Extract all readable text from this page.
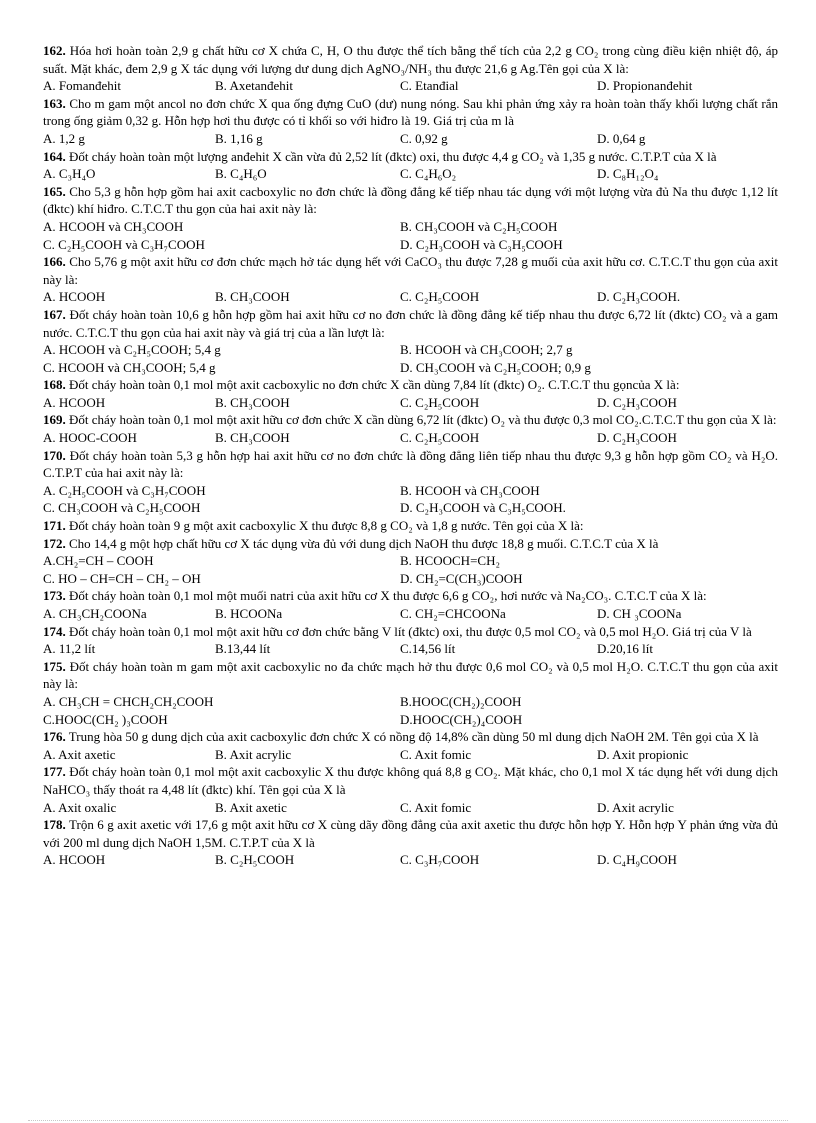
162. Hóa hơi hoàn toàn 2,9 g chất hữu cơ X chứa C, H, O thu được thể tích bằng thể tích của 2,2 g CO₂ trong cùng điều kiện nhiệt độ, áp suất. Mặt khác, đem 2,9 g X tác dụng với lượng dư dung dịch AgNO₃/NH₃ thu được 21,6 g Ag.Tên gọi của X là:
A. Fomanđehit	B. Axetanđehit	C. Etanđial	D. Propionanđehit
163. Cho m gam một ancol no đơn chức X qua ống đựng CuO (dư) nung nóng. Sau khi phản ứng xảy ra hoàn toàn thấy khối lượng chất rắn trong ống giảm 0,32 g. Hỗn hợp hơi thu được có tỉ khối so với hiđro là 19. Giá trị của m là
A. 1,2 g	B. 1,16 g	C. 0,92 g	D. 0,64 g
164. Đốt cháy hoàn toàn một lượng anđehit X cần vừa đủ 2,52 lít (đktc) oxi, thu được 4,4 g CO₂ và 1,35 g nước. C.T.P.T của X là
A. C₃H₄O	B. C₄H₆O	C. C₄H₆O₂	D. C₈H₁₂O₄
165. Cho 5,3 g hỗn hợp gồm hai axit cacboxylic no đơn chức là đồng đẳng kế tiếp nhau tác dụng với một lượng vừa đủ Na thu được 1,12 lít (đktc) khí hiđro. C.T.C.T thu gọn của hai axit này là:
A. HCOOH và CH₃COOH	B. CH₃COOH và C₂H₅COOH
C. C₂H₅COOH và C₃H₇COOH	D. C₂H₃COOH và C₃H₅COOH
166. Cho 5,76 g một axit hữu cơ đơn chức mạch hở tác dụng hết với CaCO₃ thu được 7,28 g muối của axit hữu cơ. C.T.C.T thu gọn của axit này là:
A. HCOOH	B. CH₃COOH	C. C₂H₅COOH	D. C₂H₃COOH.
167. Đốt cháy hoàn toàn 10,6 g hỗn hợp gồm hai axit hữu cơ no đơn chức là đồng đẳng kế tiếp nhau thu được 6,72 lít (đktc) CO₂ và a gam nước. C.T.C.T thu gọn của hai axit này và giá trị của a lần lượt là:
A. HCOOH và C₂H₅COOH; 5,4 g	B. HCOOH và CH₃COOH; 2,7 g
C. HCOOH và CH₃COOH; 5,4 g	D. CH₃COOH và C₂H₅COOH; 0,9 g
168. Đốt cháy hoàn toàn 0,1 mol một axit cacboxylic no đơn chức X cần dùng 7,84 lít (đktc) O₂. C.T.C.T thu gọncủa X là:
A. HCOOH	B. CH₃COOH	C. C₂H₅COOH	D. C₂H₃COOH
169. Đốt cháy hoàn toàn 0,1 mol một axit hữu cơ đơn chức X cần dùng 6,72 lít (đktc) O₂ và thu được 0,3 mol CO₂.C.T.C.T thu gọn của X là:
A. HOOC-COOH	B. CH₃COOH	C. C₂H₅COOH	D. C₂H₃COOH
170. Đốt cháy hoàn toàn 5,3 g hỗn hợp hai axit hữu cơ no đơn chức là đồng đẳng liên tiếp nhau thu được 9,3 g hỗn hợp gồm CO₂ và H₂O. C.T.P.T của hai axit này là:
A. C₂H₅COOH và C₃H₇COOH	B. HCOOH và CH₃COOH
C. CH₃COOH và C₂H₅COOH	D. C₂H₃COOH và C₃H₅COOH.
171. Đốt cháy hoàn toàn 9 g một axit cacboxylic X thu được 8,8 g CO₂ và 1,8 g nước. Tên gọi của X là:
172. Cho 14,4 g một hợp chất hữu cơ X tác dụng vừa đủ với dung dịch NaOH thu được 18,8 g muối. C.T.C.T của X là
A.CH₂=CH – COOH	B. HCOOCH=CH₂
C. HO – CH=CH – CH₂ – OH	D. CH₂=C(CH₃)COOH
173. Đốt cháy hoàn toàn 0,1 mol một muối natri của axit hữu cơ X thu được 6,6 g CO₂, hơi nước và Na₂CO₃. C.T.C.T của X là:
A. CH₃CH₂COONa	B. HCOONa	C. CH₂=CHCOONa	D. CH ₃COONa
174. Đốt cháy hoàn toàn 0,1 mol một axit hữu cơ đơn chức bằng V lít (đktc) oxi, thu được 0,5 mol CO₂ và 0,5 mol H₂O. Giá trị của V là
A. 11,2 lít	B.13,44 lít	C.14,56 lít	D.20,16 lít
175. Đốt cháy hoàn toàn m gam một axit cacboxylic no đa chức mạch hở thu được 0,6 mol CO₂ và 0,5 mol H₂O. C.T.C.T thu gọn của axit này là:
A. CH₃CH = CHCH₂CH₂COOH	B.HOOC(CH₂)₂COOH
C.HOOC(CH₂ )₃COOH	D.HOOC(CH₂)₄COOH
176. Trung hòa 50 g dung dịch của axit cacboxylic đơn chức X có nồng độ 14,8% cần dùng 50 ml dung dịch NaOH 2M. Tên gọi của X là
A. Axit axetic	B. Axit acrylic	C. Axit fomic	D. Axit propionic
177. Đốt cháy hoàn toàn 0,1 mol một axit cacboxylic X thu được không quá 8,8 g CO₂. Mặt khác, cho 0,1 mol X tác dụng hết với dung dịch NaHCO₃ thấy thoát ra 4,48 lít (đktc) khí. Tên gọi của X là
A. Axit oxalic	B. Axit axetic	C. Axit fomic	D. Axit acrylic
178. Trộn 6 g axit axetic với 17,6 g một axit hữu cơ X cùng dãy đồng đẳng của axit axetic thu được hỗn hợp Y. Hỗn hợp Y phản ứng vừa đủ với 200 ml dung dịch NaOH 1,5M. C.T.P.T của X là
A. HCOOH	B. C₂H₅COOH	C. C₃H₇COOH	D. C₄H₉COOH
